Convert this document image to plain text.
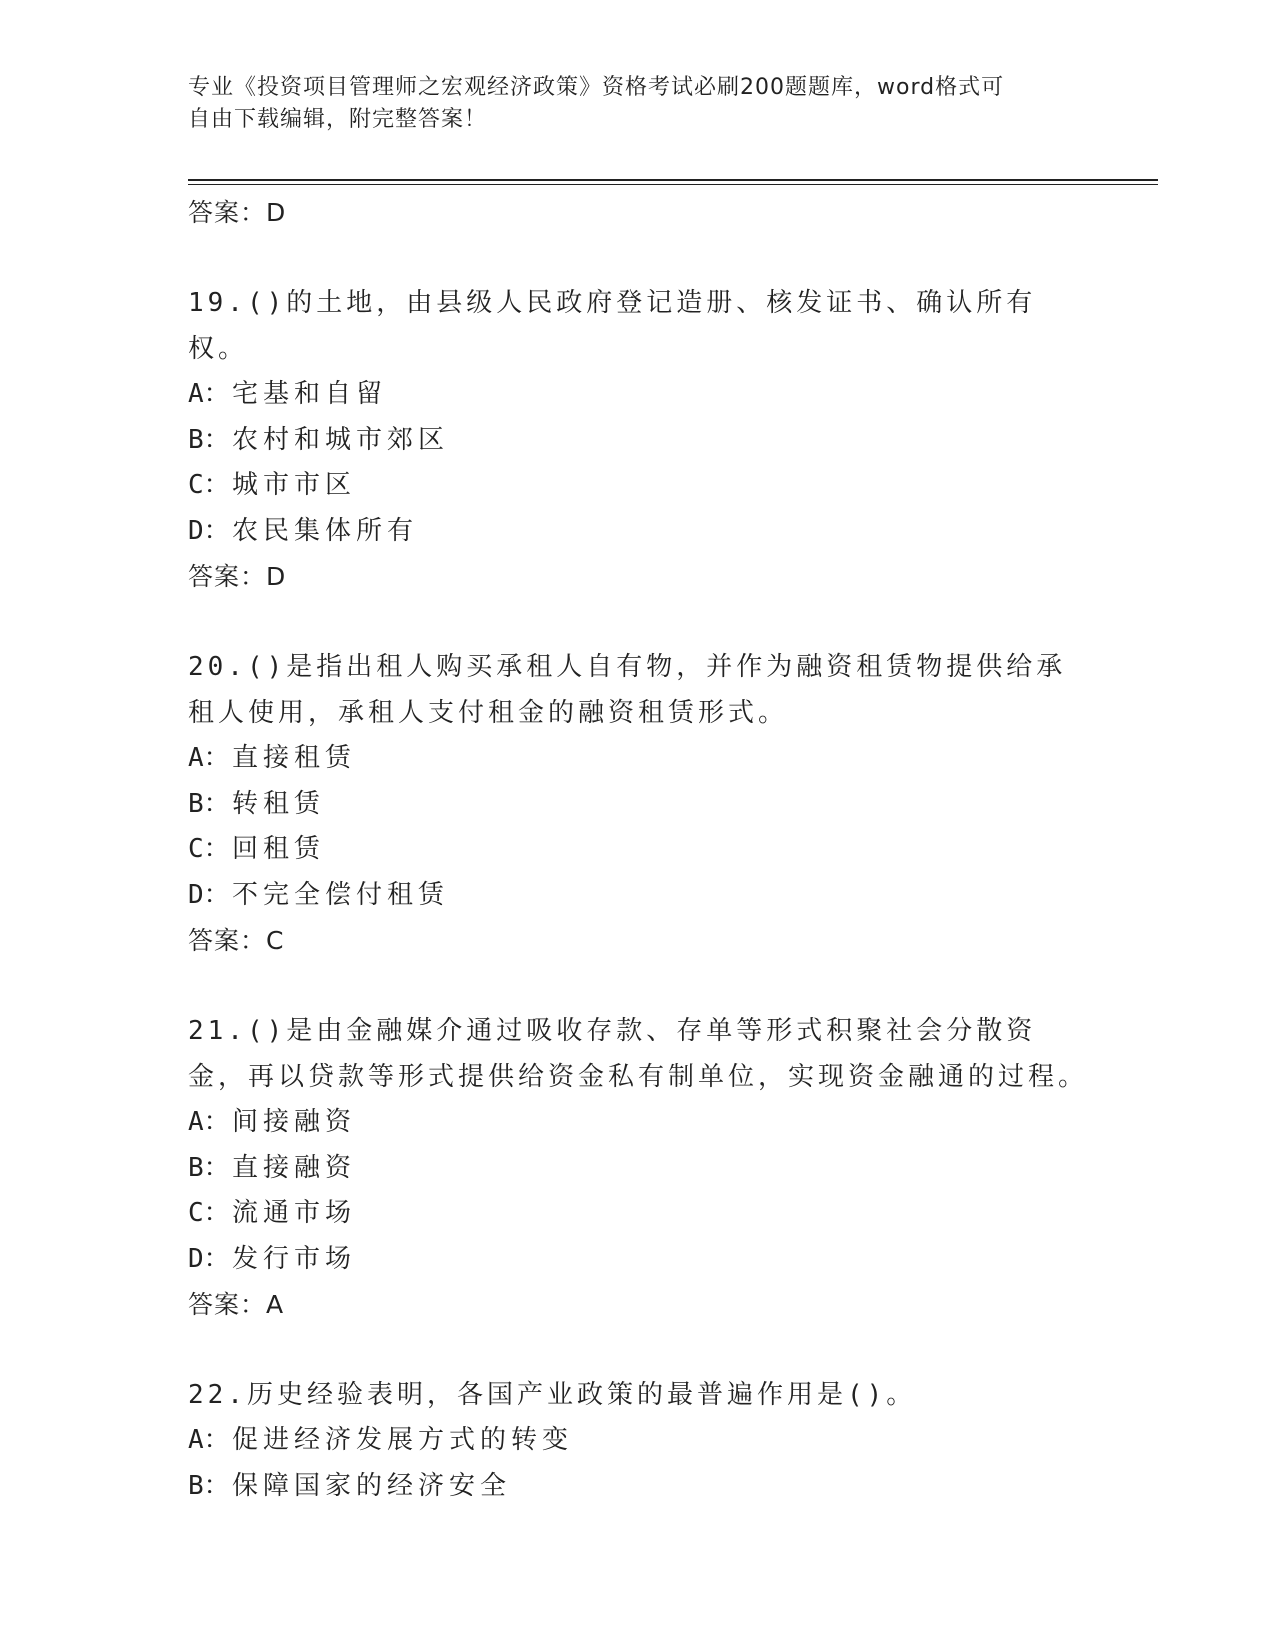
专业《投资项目管理师之宏观经济政策》资格考试必刷200题题库，word格式可
自由下载编辑，附完整答案！
答案：D

19.()的土地，由县级人民政府登记造册、核发证书、确认所有权。

A：宅基和自留
B：农村和城市郊区
C：城市市区
D：农民集体所有
答案：D

20.()是指出租人购买承租人自有物，并作为融资租赁物提供给承租人使用，承租人支付租金的融资租赁形式。

A：直接租赁
B：转租赁
C：回租赁
D：不完全偿付租赁
答案：C

21.()是由金融媒介通过吸收存款、存单等形式积聚社会分散资金，再以贷款等形式提供给资金私有制单位，实现资金融通的过程。

A：间接融资
B：直接融资
C：流通市场
D：发行市场
答案：A

22.历史经验表明，各国产业政策的最普遍作用是()。

A：促进经济发展方式的转变
B：保障国家的经济安全
